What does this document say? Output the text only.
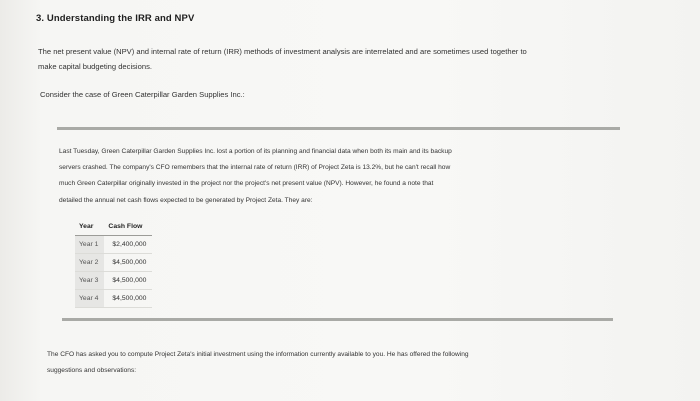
3. Understanding the IRR and NPV
The net present value (NPV) and internal rate of return (IRR) methods of investment analysis are interrelated and are sometimes used together to
make capital budgeting decisions.
Consider the case of Green Caterpillar Garden Supplies Inc.:
Last Tuesday, Green Caterpillar Garden Supplies Inc. lost a portion of its planning and financial data when both its main and its backup
servers crashed. The company's CFO remembers that the internal rate of return (IRR) of Project Zeta is 13.2%, but he can't recall how
much Green Caterpillar originally invested in the project nor the project's net present value (NPV). However, he found a note that
detailed the annual net cash flows expected to be generated by Project Zeta. They are:
Year	Cash Flow
Year 1	$2,400,000
Year 2	$4,500,000
Year 3	$4,500,000
Year 4	$4,500,000
The CFO has asked you to compute Project Zeta's initial investment using the information currently available to you. He has offered the following
suggestions and observations:
